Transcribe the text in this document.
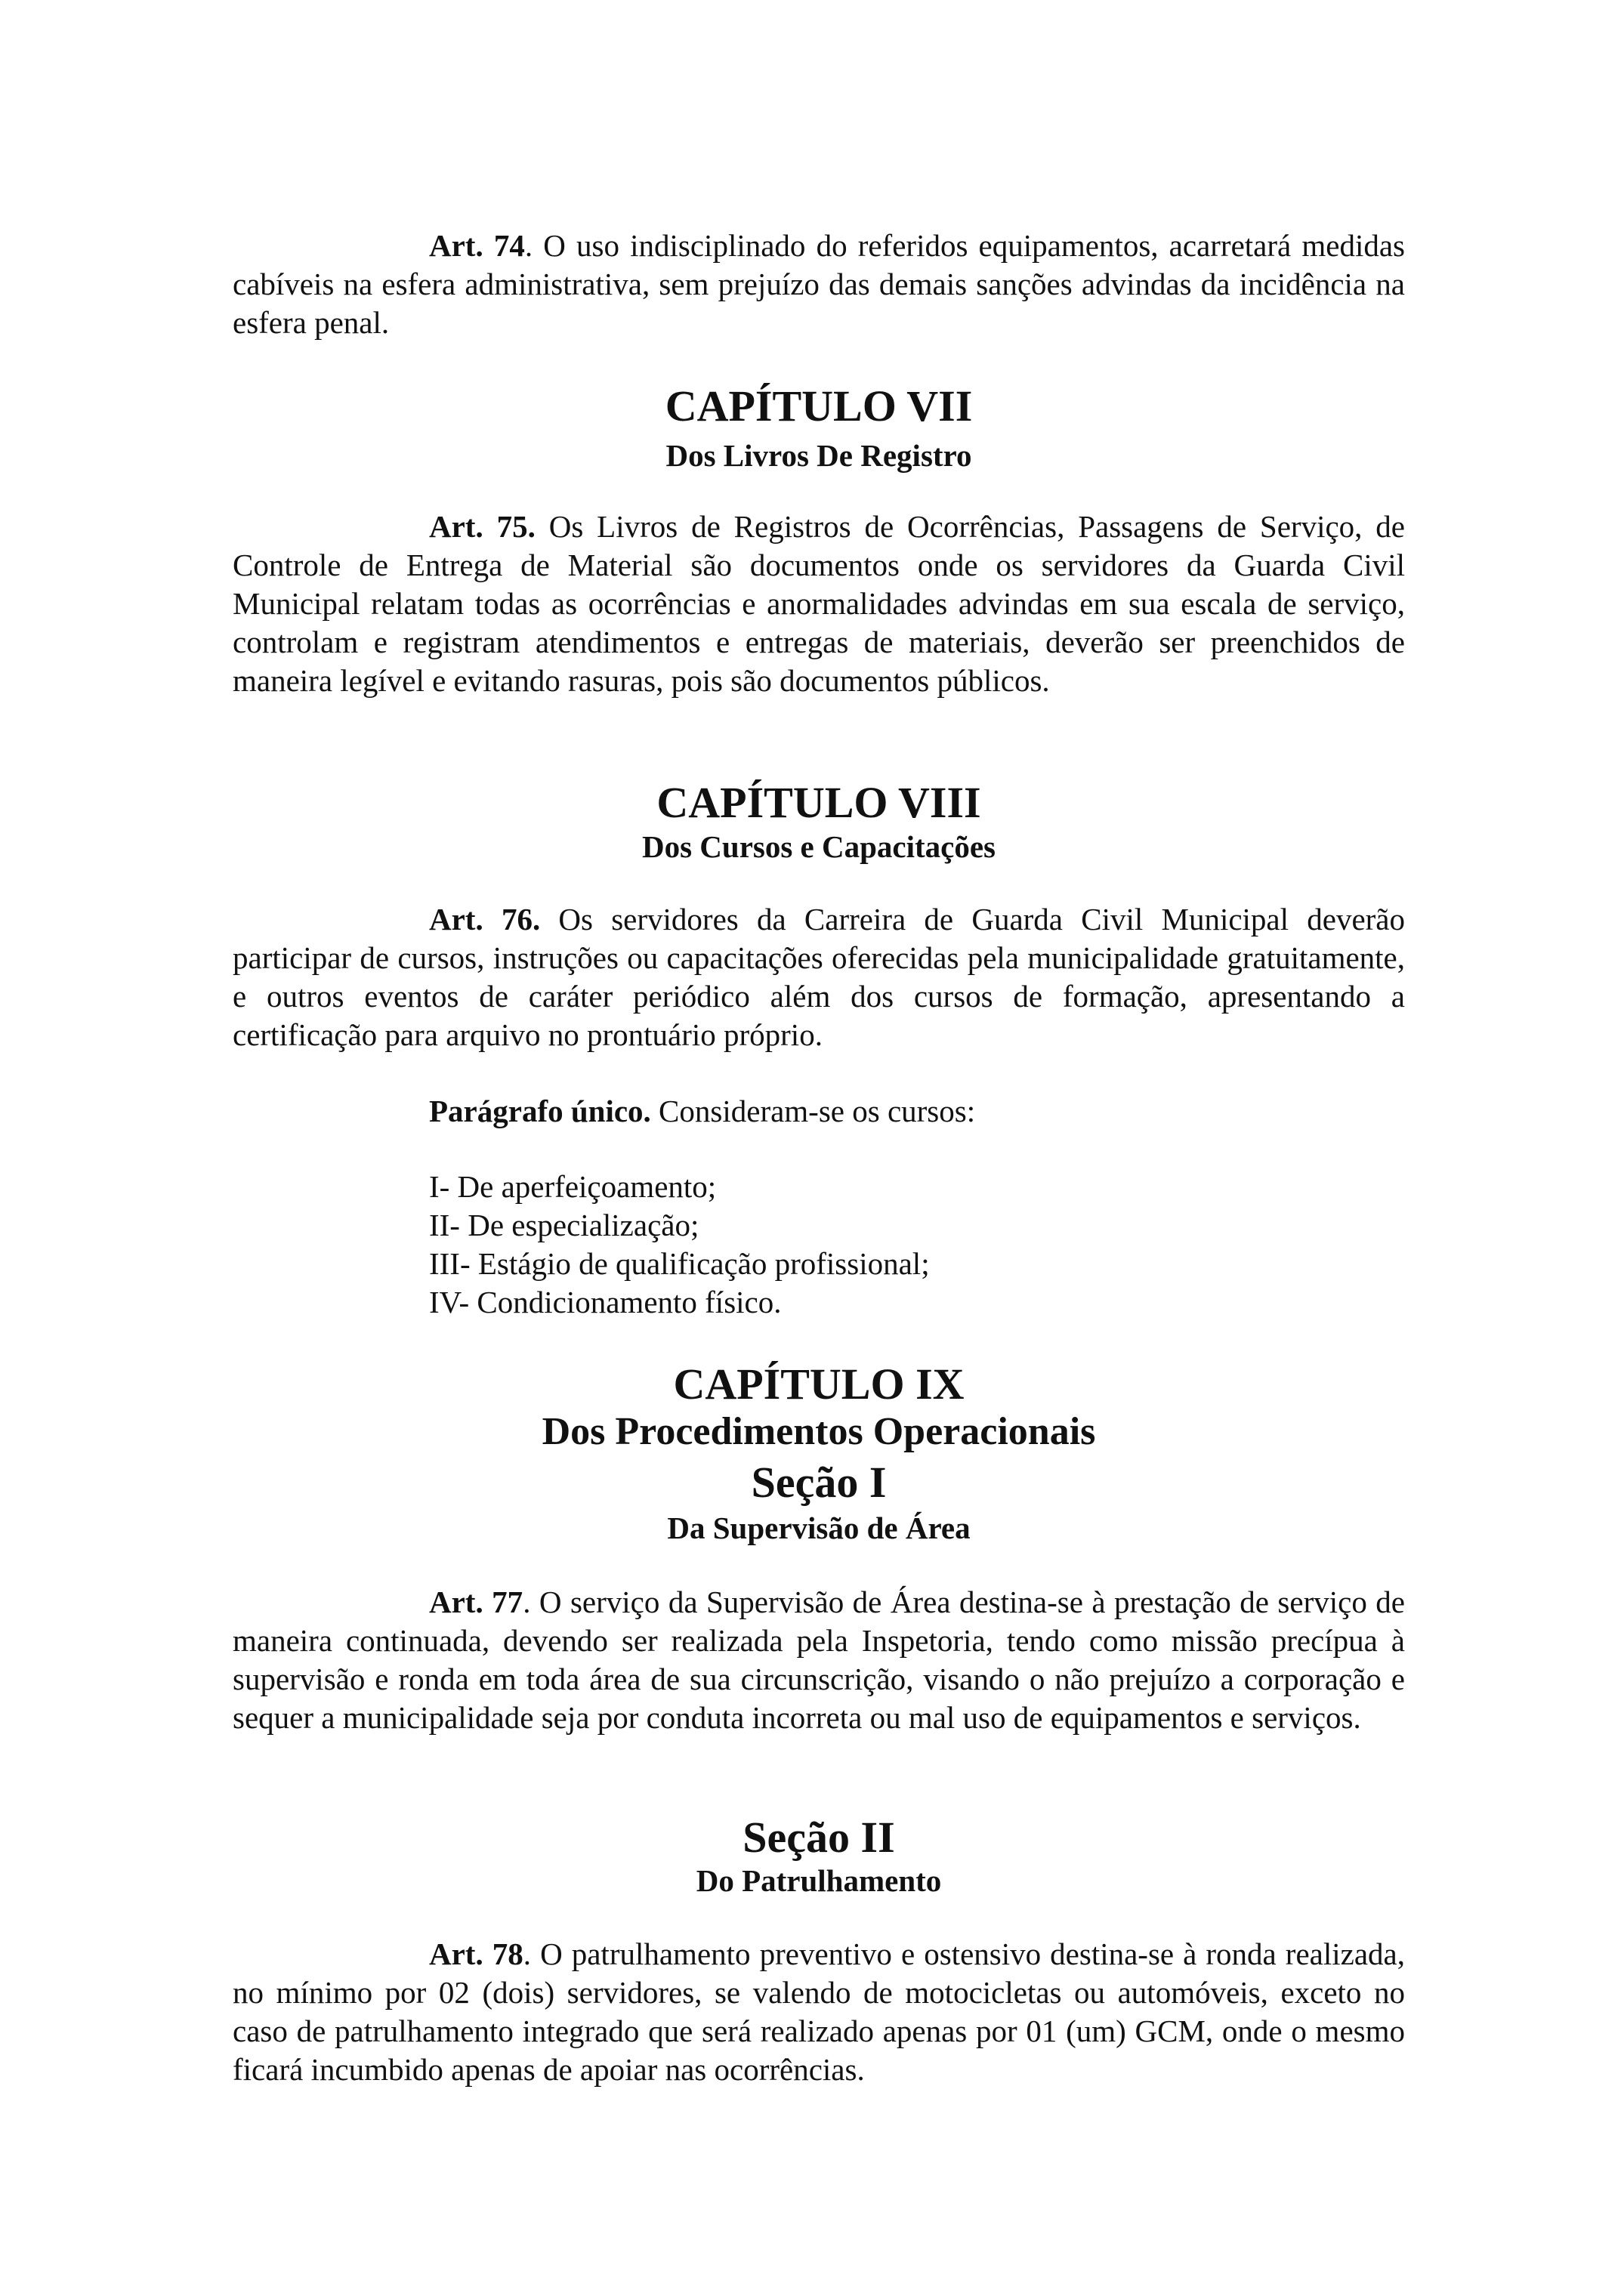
Art. 74. O uso indisciplinado do referidos equipamentos, acarretará medidas cabíveis na esfera administrativa, sem prejuízo das demais sanções advindas da incidência na esfera penal.

CAPÍTULO VII

Dos Livros De Registro

Art. 75. Os Livros de Registros de Ocorrências, Passagens de Serviço, de Controle de Entrega de Material são documentos onde os servidores da Guarda Civil Municipal relatam todas as ocorrências e anormalidades advindas em sua escala de serviço, controlam e registram atendimentos e entregas de materiais, deverão ser preenchidos de maneira legível e evitando rasuras, pois são documentos públicos.

CAPÍTULO VIII

Dos Cursos e Capacitações

Art. 76. Os servidores da Carreira de Guarda Civil Municipal deverão participar de cursos, instruções ou capacitações oferecidas pela municipalidade gratuitamente, e outros eventos de caráter periódico além dos cursos de formação, apresentando a certificação para arquivo no prontuário próprio.

Parágrafo único. Consideram-se os cursos:

I- De aperfeiçoamento;
II- De especialização;
III- Estágio de qualificação profissional;
IV- Condicionamento físico.

CAPÍTULO IX

Dos Procedimentos Operacionais

Seção I

Da Supervisão de Área

Art. 77. O serviço da Supervisão de Área destina-se à prestação de serviço de maneira continuada, devendo ser realizada pela Inspetoria, tendo como missão precípua à supervisão e ronda em toda área de sua circunscrição, visando o não prejuízo a corporação e sequer a municipalidade seja por conduta incorreta ou mal uso de equipamentos e serviços.

Seção II

Do Patrulhamento

Art. 78. O patrulhamento preventivo e ostensivo destina-se à ronda realizada, no mínimo por 02 (dois) servidores, se valendo de motocicletas ou automóveis, exceto no caso de patrulhamento integrado que será realizado apenas por 01 (um) GCM, onde o mesmo ficará incumbido apenas de apoiar nas ocorrências.
